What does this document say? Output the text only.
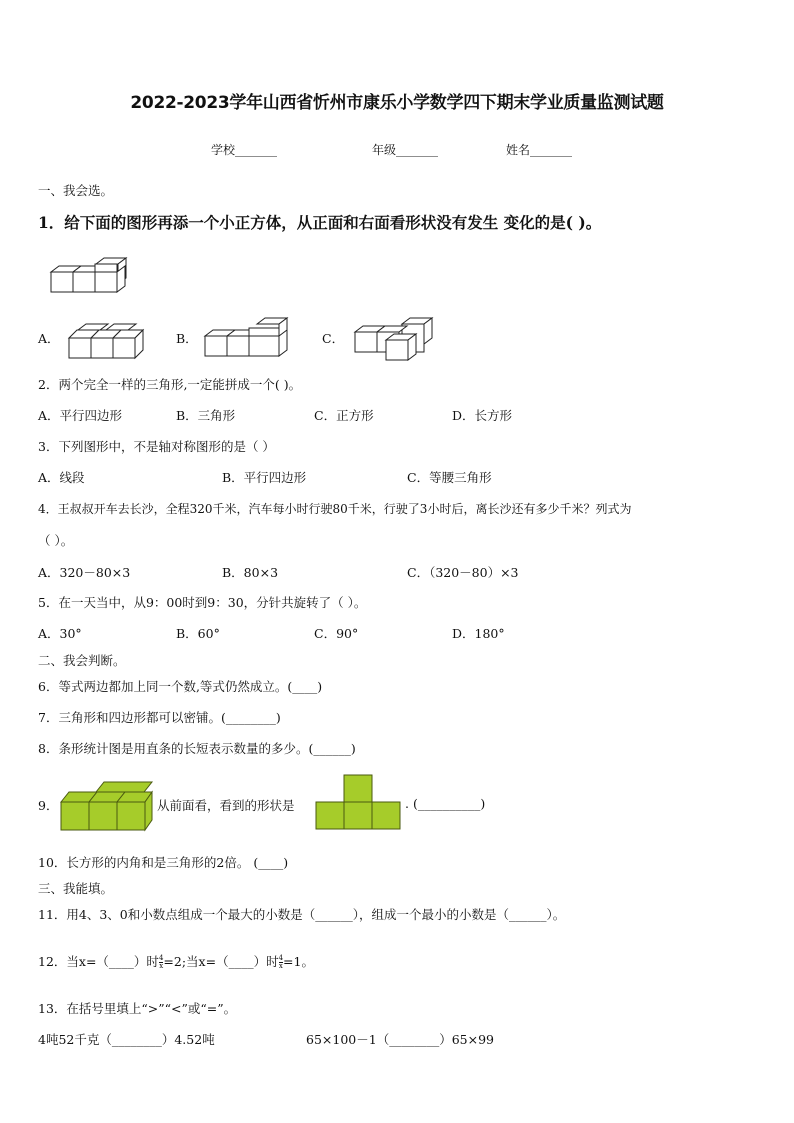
2022-2023学年山西省忻州市康乐小学数学四下期末学业质量监测试题
学校_______	年级_______	姓名_______
一、我会选。
1．给下面的图形再添一个小正方体，从正面和右面看形状没有发生 变化的是( )。
A．	B．	C．
2．两个完全一样的三角形,一定能拼成一个( )。
A．平行四边形	B．三角形	C．正方形	D．长方形
3．下列图形中，不是轴对称图形的是（ ）
A．线段	B．平行四边形	C．等腰三角形
4．王叔叔开车去长沙，全程320千米，汽车每小时行驶80千米，行驶了3小时后，离长沙还有多少千米？列式为
（ ）。
A．320－80×3	B．80×3	C．（320－80）×3
5．在一天当中，从9：00时到9：30，分针共旋转了（ ）。
A．30°	B．60°	C．90°	D．180°
二、我会判断。
6．等式两边都加上同一个数,等式仍然成立。(____)
7．三角形和四边形都可以密铺。(________)
8．条形统计图是用直条的长短表示数量的多少。(______)
9．	从前面看，看到的形状是	. (__________)
10．长方形的内角和是三角形的2倍。 (____)
三、我能填。
11．用4、3、0和小数点组成一个最大的小数是（______），组成一个最小的小数是（______）。
12．当x=（____）时 $\frac{4}{x} =2$;当x=（____）时 $\frac{4}{x} =1$。
13．在括号里填上“>”“<”或“=”。
4吨52千克（________）4.52吨	65×100－1（________）65×99
